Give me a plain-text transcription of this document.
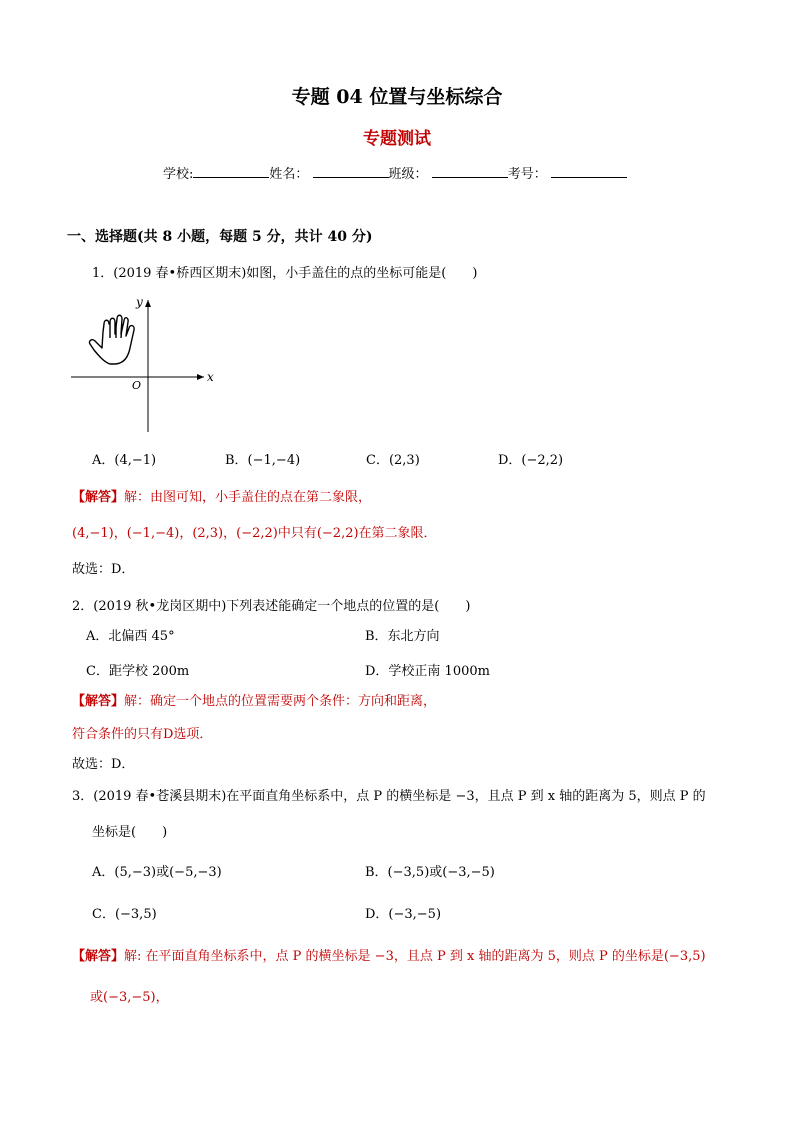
专题 04 位置与坐标综合
专题测试
学校:	姓名：	班级：	考号：
一、选择题(共 8 小题，每题 5 分，共计 40 分)
1．(2019 春•桥西区期末)如图，小手盖住的点的坐标可能是(　　)
y
x
O
A．(4,−1)	B．(−1,−4)	C．(2,3)	D．(−2,2)
【解答】解：由图可知，小手盖住的点在第二象限，
(4,−1)，(−1,−4)，(2,3)，(−2,2)中只有(−2,2)在第二象限．
故选：D．
2．(2019 秋•龙岗区期中)下列表述能确定一个地点的位置的是(　　)
A．北偏西 45°	B．东北方向
C．距学校 200m	D．学校正南 1000m
【解答】解：确定一个地点的位置需要两个条件：方向和距离，
符合条件的只有D选项．
故选：D．
3．(2019 春•苍溪县期末)在平面直角坐标系中，点 P 的横坐标是 −3，且点 P 到 x 轴的距离为 5，则点 P 的
坐标是(　　)
A．(5,−3)或(−5,−3)	B．(−3,5)或(−3,−5)
C．(−3,5)	D．(−3,−5)
【解答】解: 在平面直角坐标系中，点 P 的横坐标是 −3，且点 P 到 x 轴的距离为 5，则点 P 的坐标是(−3,5)
或(−3,−5)，
